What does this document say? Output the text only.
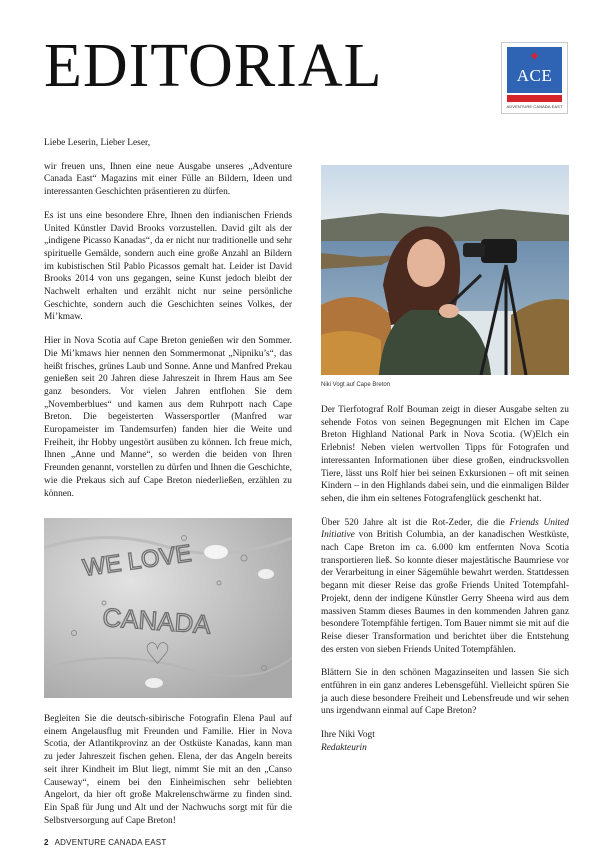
EDITORIAL	✦
ACE
ADVENTURE CANADA EAST

Liebe Leserin, Lieber Leser,

wir freuen uns, Ihnen eine neue Ausgabe unseres „Adventure Canada East“ Magazins mit einer Fülle an Bildern, Ideen und interessanten Geschichten präsentieren zu dürfen.

Es ist uns eine besondere Ehre, Ihnen den indianischen Friends United Künstler David Brooks vorzustellen. David gilt als der „indigene Picasso Kanadas“, da er nicht nur traditionelle und sehr spirituelle Gemälde, sondern auch eine große Anzahl an Bildern im kubistischen Stil Pablo Picassos gemalt hat. Leider ist David Brooks 2014 von uns gegangen, seine Kunst jedoch bleibt der Nachwelt erhalten und erzählt nicht nur seine persönliche Geschichte, sondern auch die Geschichten seines Volkes, der Mi’kmaw.

Hier in Nova Scotia auf Cape Breton genießen wir den Sommer. Die Mi’kmaws hier nennen den Sommermonat „Nipniku’s“, das heißt frisches, grünes Laub und Sonne. Anne und Manfred Prekau genießen seit 20 Jahren diese Jahreszeit in Ihrem Haus am See ganz besonders. Vor vielen Jahren entflohen Sie dem „Novemberblues“ und kamen aus dem Ruhrpott nach Cape Breton. Die begeisterten Wassersportler (Manfred war Europameister im Tandemsurfen) fanden hier die Weite und Freiheit, ihr Hobby ungestört ausüben zu können. Ich freue mich, Ihnen „Anne und Manne“, so werden die beiden von Ihren Freunden genannt, vorstellen zu dürfen und Ihnen die Geschichte, wie die Prekaus sich auf Cape Breton niederließen, erzählen zu können.

WE LOVE
CANADA
♡

Begleiten Sie die deutsch-sibirische Fotografin Elena Paul auf einem Angelausflug mit Freunden und Familie. Hier in Nova Scotia, der Atlantikprovinz an der Ostküste Kanadas, kann man zu jeder Jahreszeit fischen gehen. Elena, der das Angeln bereits seit ihrer Kindheit im Blut liegt, nimmt Sie mit an den „Canso Causeway“, einem bei den Einheimischen sehr beliebten Angelort, da hier oft große Makrelenschwärme zu finden sind. Ein Spaß für Jung und Alt und der Nachwuchs sorgt mit für die Selbstversorgung auf Cape Breton!

Niki Vogt auf Cape Breton

Der Tierfotograf Rolf Bouman zeigt in dieser Ausgabe selten zu sehende Fotos von seinen Begegnungen mit Elchen im Cape Breton Highland National Park in Nova Scotia. (W)Elch ein Erlebnis! Neben vielen wertvollen Tipps für Fotografen und interessanten Informationen über diese großen, eindrucksvollen Tiere, lässt uns Rolf hier bei seinen Exkursionen – oft mit seinen Kindern – in den Highlands dabei sein, und die einmaligen Bilder sehen, die ihm ein seltenes Fotografenglück geschenkt hat.

Über 520 Jahre alt ist die Rot-Zeder, die die Friends United Initiative von British Columbia, an der kanadischen Westküste, nach Cape Breton im ca. 6.000 km entfernten Nova Scotia transportieren ließ. So konnte dieser majestätische Baumriese vor der Verarbeitung in einer Sägemühle bewahrt werden. Stattdessen begann mit dieser Reise das große Friends United Totempfahl-Projekt, denn der indigene Künstler Gerry Sheena wird aus dem massiven Stamm dieses Baumes in den kommenden Jahren ganz besondere Totempfähle fertigen. Tom Bauer nimmt sie mit auf die Reise dieser Transformation und berichtet über die Entstehung des ersten von sieben Friends United Totempfählen.

Blättern Sie in den schönen Magazinseiten und lassen Sie sich entführen in ein ganz anderes Lebensgefühl. Vielleicht spüren Sie ja auch diese besondere Freiheit und Lebensfreude und wir sehen uns irgendwann einmal auf Cape Breton?

Ihre Niki Vogt
Redakteurin

2 ADVENTURE CANADA EAST
